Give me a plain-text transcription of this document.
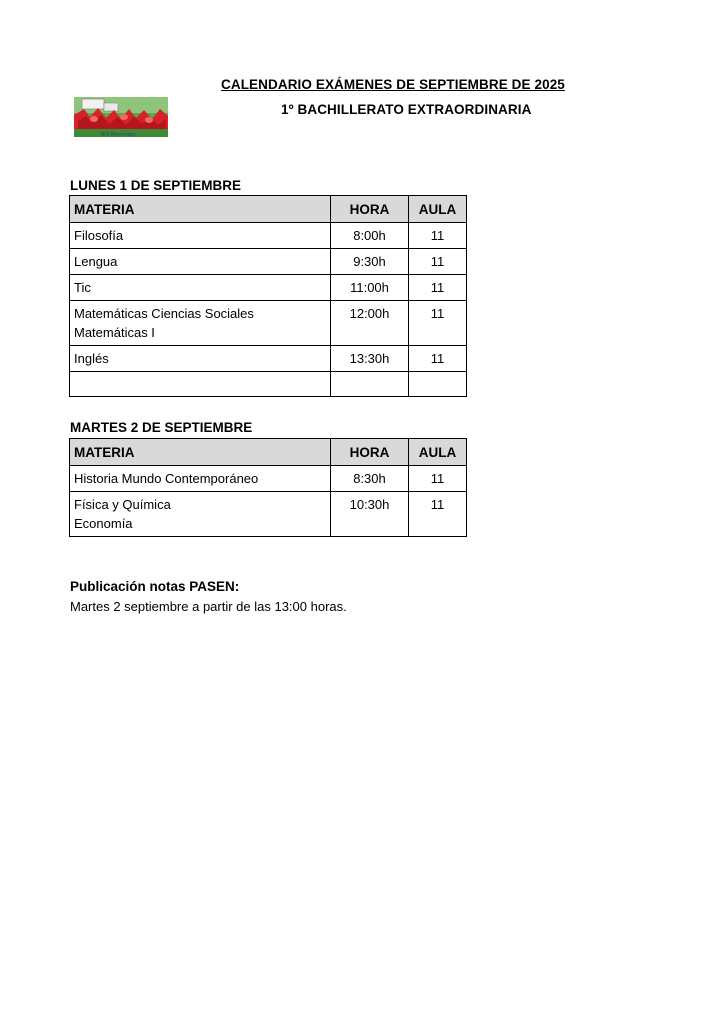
IES Mayorazgo
CALENDARIO EXÁMENES DE SEPTIEMBRE DE 2025
1º BACHILLERATO EXTRAORDINARIA
LUNES 1 DE SEPTIEMBRE
MATERIA	HORA	AULA

Filosofía	8:00h	11

Lengua	9:30h	11

Tic	11:00h	11

Matemáticas Ciencias Sociales
Matemáticas I	12:00h	11

Inglés	13:30h	11

MARTES 2 DE SEPTIEMBRE
MATERIA	HORA	AULA

Historia Mundo Contemporáneo	8:30h	11

Física y Química
Economía	10:30h	11
Publicación notas PASEN:
Martes 2 septiembre a partir de las 13:00 horas.
